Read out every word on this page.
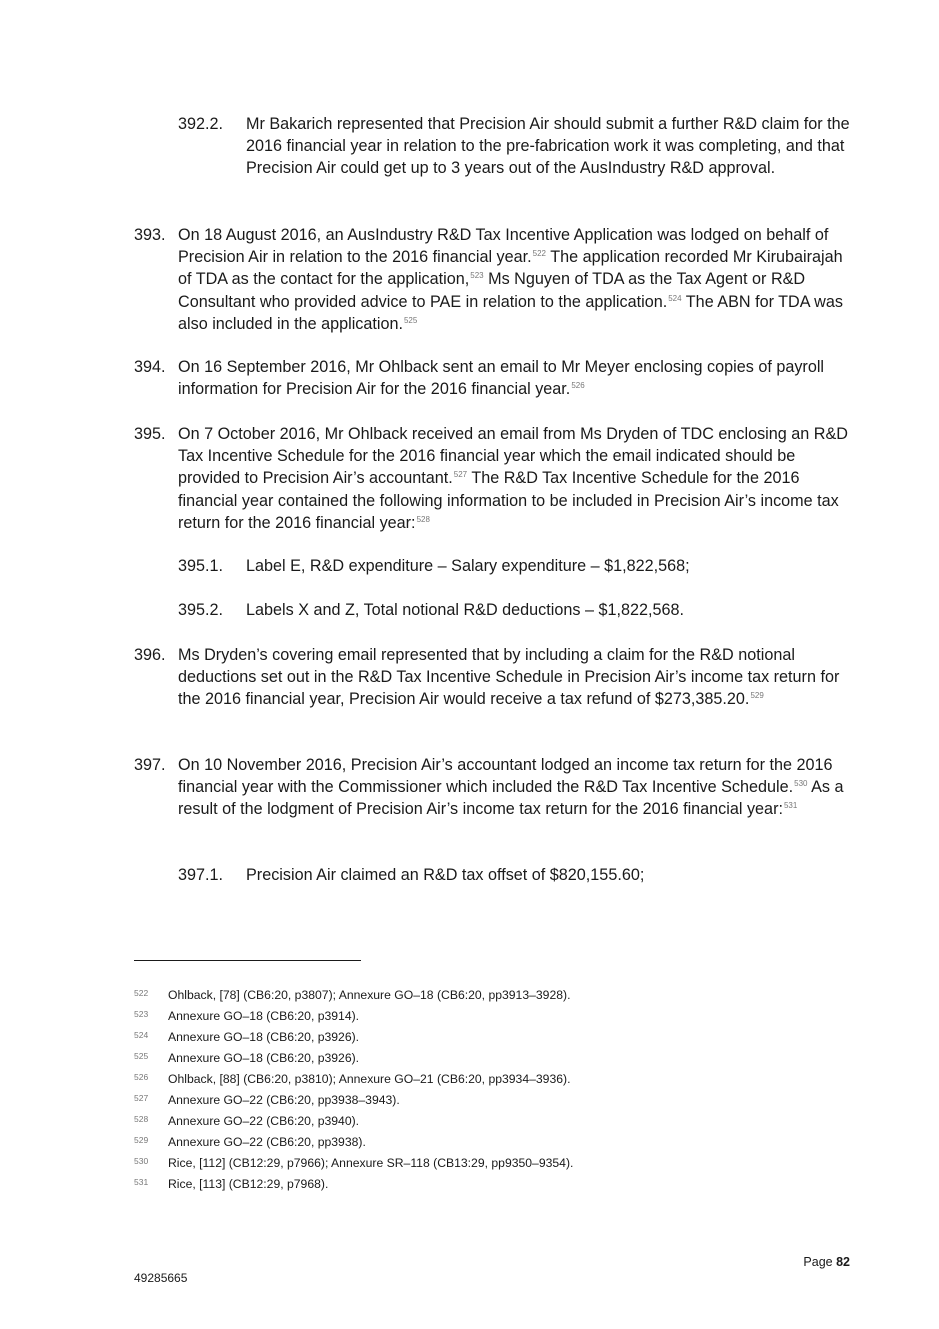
392.2. Mr Bakarich represented that Precision Air should submit a further R&D claim for the 2016 financial year in relation to the pre-fabrication work it was completing, and that Precision Air could get up to 3 years out of the AusIndustry R&D approval.
393. On 18 August 2016, an AusIndustry R&D Tax Incentive Application was lodged on behalf of Precision Air in relation to the 2016 financial year.$^{522}$ The application recorded Mr Kirubairajah of TDA as the contact for the application,$^{523}$ Ms Nguyen of TDA as the Tax Agent or R&D Consultant who provided advice to PAE in relation to the application.$^{524}$ The ABN for TDA was also included in the application.$^{525}$
394. On 16 September 2016, Mr Ohlback sent an email to Mr Meyer enclosing copies of payroll information for Precision Air for the 2016 financial year.$^{526}$
395. On 7 October 2016, Mr Ohlback received an email from Ms Dryden of TDC enclosing an R&D Tax Incentive Schedule for the 2016 financial year which the email indicated should be provided to Precision Air’s accountant.$^{527}$ The R&D Tax Incentive Schedule for the 2016 financial year contained the following information to be included in Precision Air’s income tax return for the 2016 financial year:$^{528}$
395.1. Label E, R&D expenditure – Salary expenditure – $1,822,568;
395.2. Labels X and Z, Total notional R&D deductions – $1,822,568.
396. Ms Dryden’s covering email represented that by including a claim for the R&D notional deductions set out in the R&D Tax Incentive Schedule in Precision Air’s income tax return for the 2016 financial year, Precision Air would receive a tax refund of $273,385.20.$^{529}$
397. On 10 November 2016, Precision Air’s accountant lodged an income tax return for the 2016 financial year with the Commissioner which included the R&D Tax Incentive Schedule.$^{530}$ As a result of the lodgment of Precision Air’s income tax return for the 2016 financial year:$^{531}$
397.1. Precision Air claimed an R&D tax offset of $820,155.60;
522 Ohlback, [78] (CB6:20, p3807); Annexure GO–18 (CB6:20, pp3913–3928).
523 Annexure GO–18 (CB6:20, p3914).
524 Annexure GO–18 (CB6:20, p3926).
525 Annexure GO–18 (CB6:20, p3926).
526 Ohlback, [88] (CB6:20, p3810); Annexure GO–21 (CB6:20, pp3934–3936).
527 Annexure GO–22 (CB6:20, pp3938–3943).
528 Annexure GO–22 (CB6:20, p3940).
529 Annexure GO–22 (CB6:20, pp3938).
530 Rice, [112] (CB12:29, p7966); Annexure SR–118 (CB13:29, pp9350–9354).
531 Rice, [113] (CB12:29, p7968).
Page 82
49285665
